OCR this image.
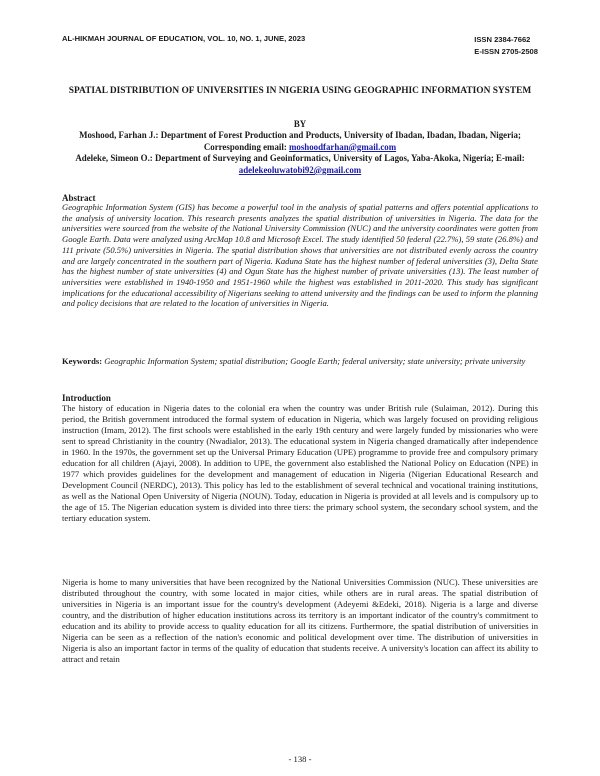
AL-HIKMAH JOURNAL OF EDUCATION, VOL. 10, NO. 1, JUNE, 2023	ISSN 2384-7662
E-ISSN 2705-2508
SPATIAL DISTRIBUTION OF UNIVERSITIES IN NIGERIA USING GEOGRAPHIC INFORMATION SYSTEM
BY
Moshood, Farhan J.: Department of Forest Production and Products, University of Ibadan, Ibadan, Ibadan, Nigeria; Corresponding email: moshoodfarhan@gmail.com
Adeleke, Simeon O.: Department of Surveying and Geoinformatics, University of Lagos, Yaba-Akoka, Nigeria; E-mail: adelekeoluwatobi92@gmail.com
Abstract
Geographic Information System (GIS) has become a powerful tool in the analysis of spatial patterns and offers potential applications to the analysis of university location. This research presents analyzes the spatial distribution of universities in Nigeria. The data for the universities were sourced from the website of the National University Commission (NUC) and the university coordinates were gotten from Google Earth. Data were analyzed using ArcMap 10.8 and Microsoft Excel. The study identified 50 federal (22.7%), 59 state (26.8%) and 111 private (50.5%) universities in Nigeria. The spatial distribution shows that universities are not distributed evenly across the country and are largely concentrated in the southern part of Nigeria. Kaduna State has the highest number of federal universities (3), Delta State has the highest number of state universities (4) and Ogun State has the highest number of private universities (13). The least number of universities were established in 1940-1950 and 1951-1960 while the highest was established in 2011-2020. This study has significant implications for the educational accessibility of Nigerians seeking to attend university and the findings can be used to inform the planning and policy decisions that are related to the location of universities in Nigeria.
Keywords: Geographic Information System; spatial distribution; Google Earth; federal university; state university; private university
Introduction

The history of education in Nigeria dates to the colonial era when the country was under British rule (Sulaiman, 2012). During this period, the British government introduced the formal system of education in Nigeria, which was largely focused on providing religious instruction (Imam, 2012). The first schools were established in the early 19th century and were largely funded by missionaries who were sent to spread Christianity in the country (Nwadialor, 2013). The educational system in Nigeria changed dramatically after independence in 1960. In the 1970s, the government set up the Universal Primary Education (UPE) programme to provide free and compulsory primary education for all children (Ajayi, 2008). In addition to UPE, the government also established the National Policy on Education (NPE) in 1977 which provides guidelines for the development and management of education in Nigeria (Nigerian Educational Research and Development Council (NERDC), 2013). This policy has led to the establishment of several technical and vocational training institutions, as well as the National Open University of Nigeria (NOUN). Today, education in Nigeria is provided at all levels and is compulsory up to the age of 15. The Nigerian education system is divided into three tiers: the primary school system, the secondary school system, and the tertiary education system.

Nigeria is home to many universities that have been recognized by the National Universities Commission (NUC). These universities are distributed throughout the country, with some located in major cities, while others are in rural areas. The spatial distribution of universities in Nigeria is an important issue for the country's development (Adeyemi &Edeki, 2018). Nigeria is a large and diverse country, and the distribution of higher education institutions across its territory is an important indicator of the country's commitment to education and its ability to provide access to quality education for all its citizens. Furthermore, the spatial distribution of universities in Nigeria can be seen as a reflection of the nation's economic and political development over time. The distribution of universities in Nigeria is also an important factor in terms of the quality of education that students receive. A university's location can affect its ability to attract and retain

- 138 -
